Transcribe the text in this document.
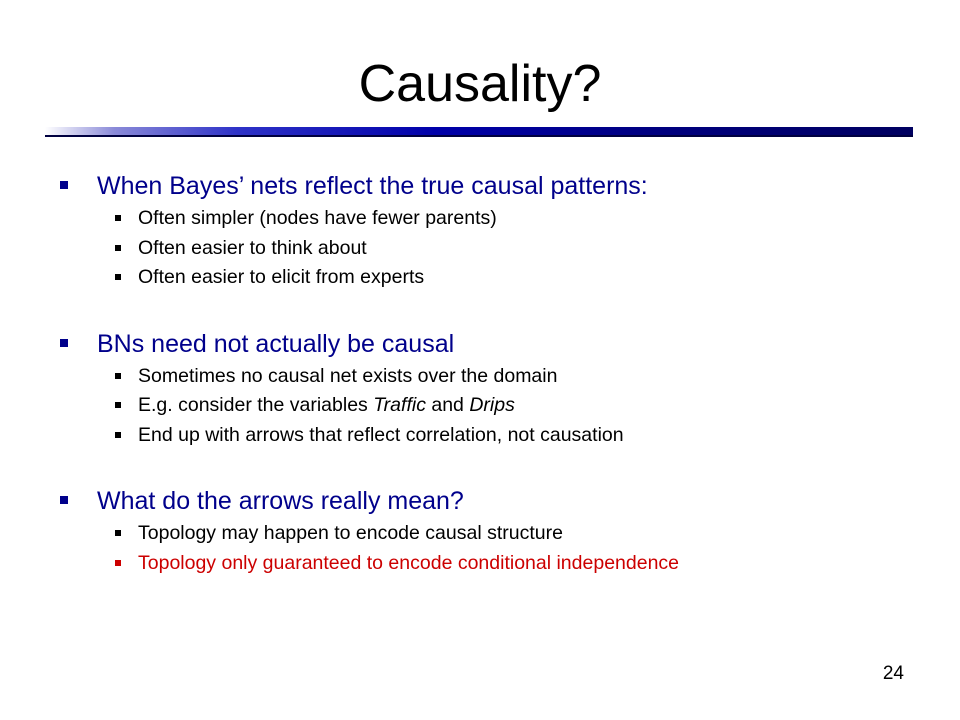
Causality?
When Bayes’ nets reflect the true causal patterns:
Often simpler (nodes have fewer parents)
Often easier to think about
Often easier to elicit from experts
BNs need not actually be causal
Sometimes no causal net exists over the domain
E.g. consider the variables Traffic and Drips
End up with arrows that reflect correlation, not causation
What do the arrows really mean?
Topology may happen to encode causal structure
Topology only guaranteed to encode conditional independence
24
